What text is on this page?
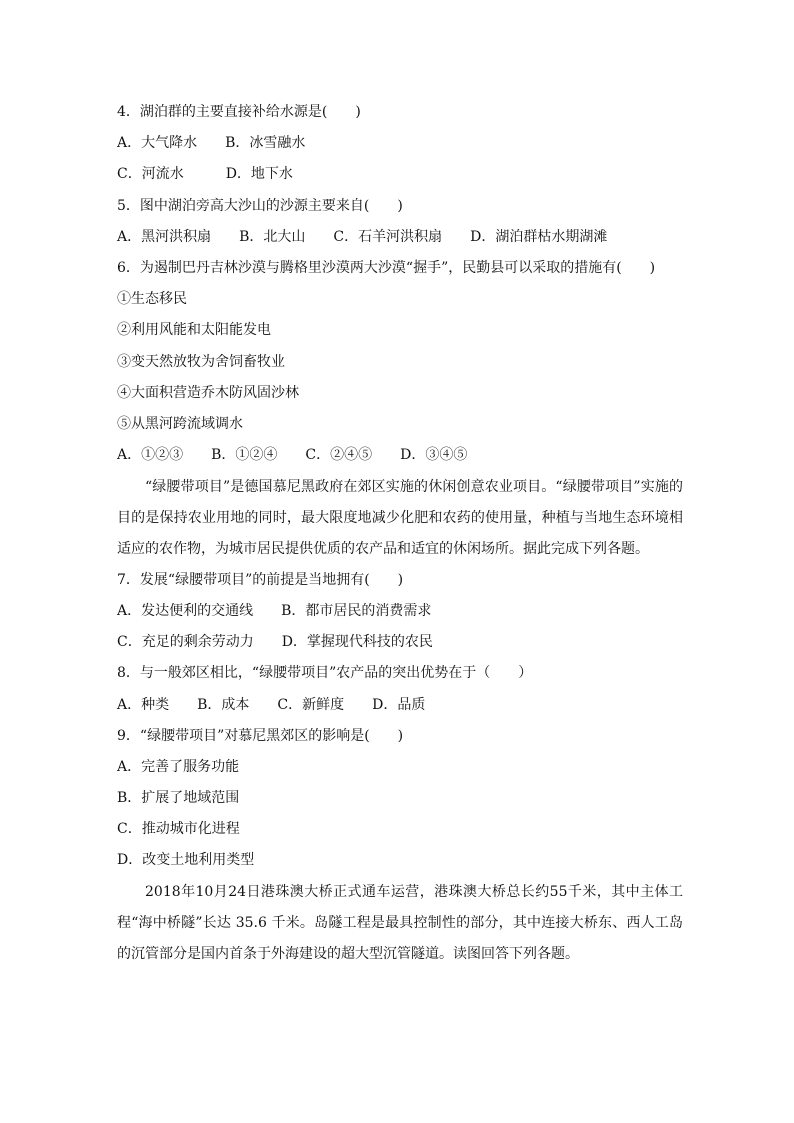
4．湖泊群的主要直接补给水源是(　　)
A．大气降水　　B．冰雪融水
C．河流水　　　D．地下水
5．图中湖泊旁高大沙山的沙源主要来自(　　)
A．黑河洪积扇　　B．北大山　　C．石羊河洪积扇　　D．湖泊群枯水期湖滩
6．为遏制巴丹吉林沙漠与腾格里沙漠两大沙漠“握手”，民勤县可以采取的措施有(　　)
①生态移民
②利用风能和太阳能发电
③变天然放牧为舍饲畜牧业
④大面积营造乔木防风固沙林
⑤从黑河跨流域调水
A．①②③　　B．①②④　　C．②④⑤　　D．③④⑤
“绿腰带项目”是德国慕尼黑政府在郊区实施的休闲创意农业项目。“绿腰带项目”实施的目的是保持农业用地的同时，最大限度地减少化肥和农药的使用量，种植与当地生态环境相适应的农作物，为城市居民提供优质的农产品和适宜的休闲场所。据此完成下列各题。
7．发展“绿腰带项目”的前提是当地拥有(　　)
A．发达便利的交通线　　B．都市居民的消费需求
C．充足的剩余劳动力　　D．掌握现代科技的农民
8．与一般郊区相比，“绿腰带项目”农产品的突出优势在于（　　）
A．种类　　B．成本　　C．新鲜度　　D．品质
9．“绿腰带项目”对慕尼黑郊区的影响是(　　)
A．完善了服务功能
B．扩展了地域范围
C．推动城市化进程
D．改变土地利用类型
2018年10月24日港珠澳大桥正式通车运营，港珠澳大桥总长约55千米，其中主体工程“海中桥隧”长达 35.6 千米。岛隧工程是最具控制性的部分，其中连接大桥东、西人工岛的沉管部分是国内首条于外海建设的超大型沉管隧道。读图回答下列各题。
